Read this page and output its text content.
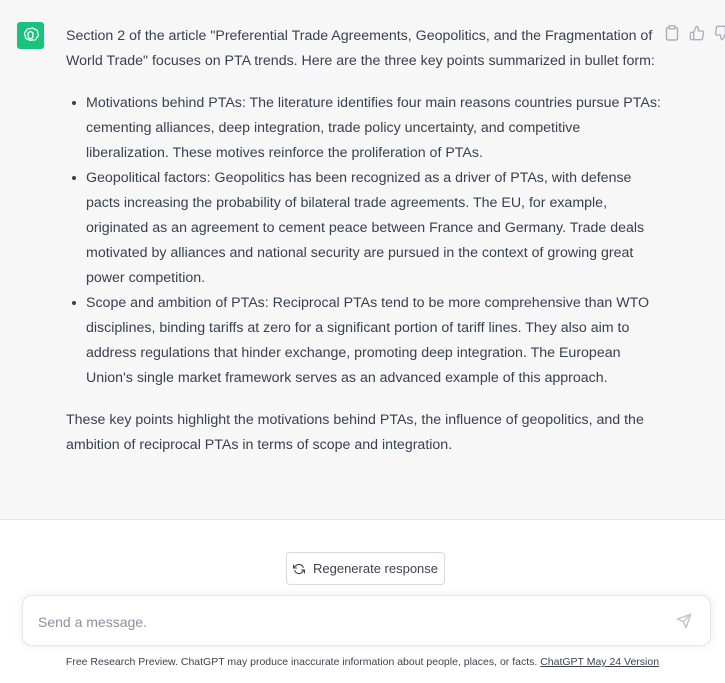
Section 2 of the article "Preferential Trade Agreements, Geopolitics, and the Fragmentation of World Trade" focuses on PTA trends. Here are the three key points summarized in bullet form:

Motivations behind PTAs: The literature identifies four main reasons countries pursue PTAs: cementing alliances, deep integration, trade policy uncertainty, and competitive liberalization. These motives reinforce the proliferation of PTAs.
Geopolitical factors: Geopolitics has been recognized as a driver of PTAs, with defense pacts increasing the probability of bilateral trade agreements. The EU, for example, originated as an agreement to cement peace between France and Germany. Trade deals motivated by alliances and national security are pursued in the context of growing great power competition.
Scope and ambition of PTAs: Reciprocal PTAs tend to be more comprehensive than WTO disciplines, binding tariffs at zero for a significant portion of tariff lines. They also aim to address regulations that hinder exchange, promoting deep integration. The European Union's single market framework serves as an advanced example of this approach.

These key points highlight the motivations behind PTAs, the influence of geopolitics, and the ambition of reciprocal PTAs in terms of scope and integration.

Regenerate response
Send a message.
Free Research Preview. ChatGPT may produce inaccurate information about people, places, or facts. ChatGPT May 24 Version
